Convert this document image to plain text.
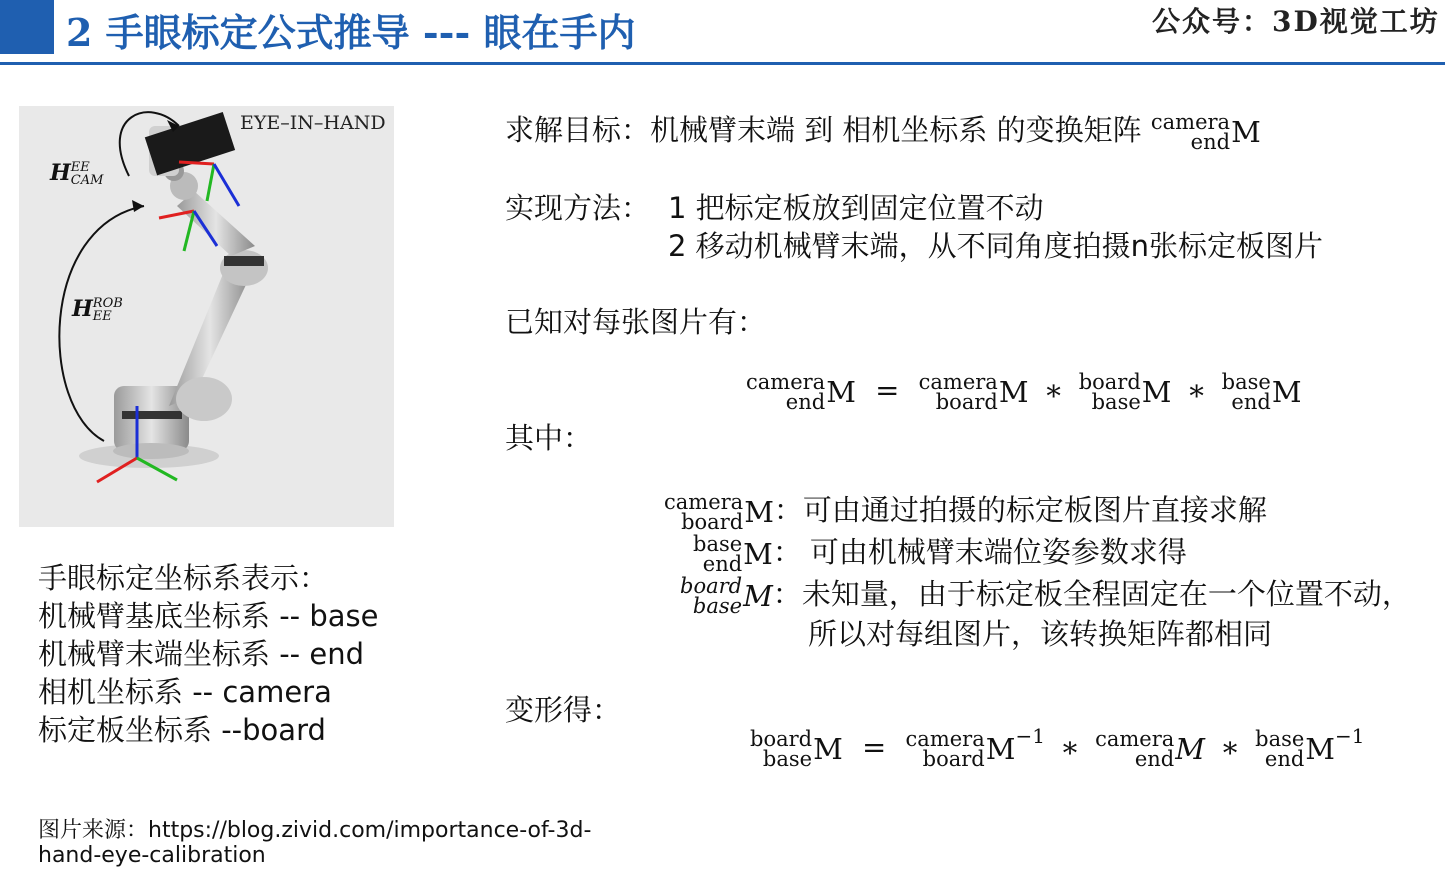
2 手眼标定公式推导 --- 眼在手内	公众号：3D视觉工坊
EYE–IN–HAND
H EE
CAM
H ROB
EE
手眼标定坐标系表示：
机械臂基底坐标系 -- base
机械臂末端坐标系 -- end
相机坐标系 -- camera
标定板坐标系 --board
图片来源：https://blog.zivid.com/importance-of-3d-
hand-eye-calibration
求解目标：机械臂末端 到 相机坐标系 的变换矩阵 camera
end M
实现方法： 1 把标定板放到固定位置不动
2 移动机械臂末端，从不同角度拍摄n张标定板图片
已知对每张图片有：
camera
end M = camera
board M ∗ board
base M ∗ base
end M
其中：
camera
board M：可由通过拍摄的标定板图片直接求解
base
end M： 可由机械臂末端位姿参数求得
board
base M：未知量，由于标定板全程固定在一个位置不动，
所以对每组图片，该转换矩阵都相同
变形得：
board
base M = camera
board $M^{-1}$ ∗ camera
end M ∗ base
end $M^{-1}$
